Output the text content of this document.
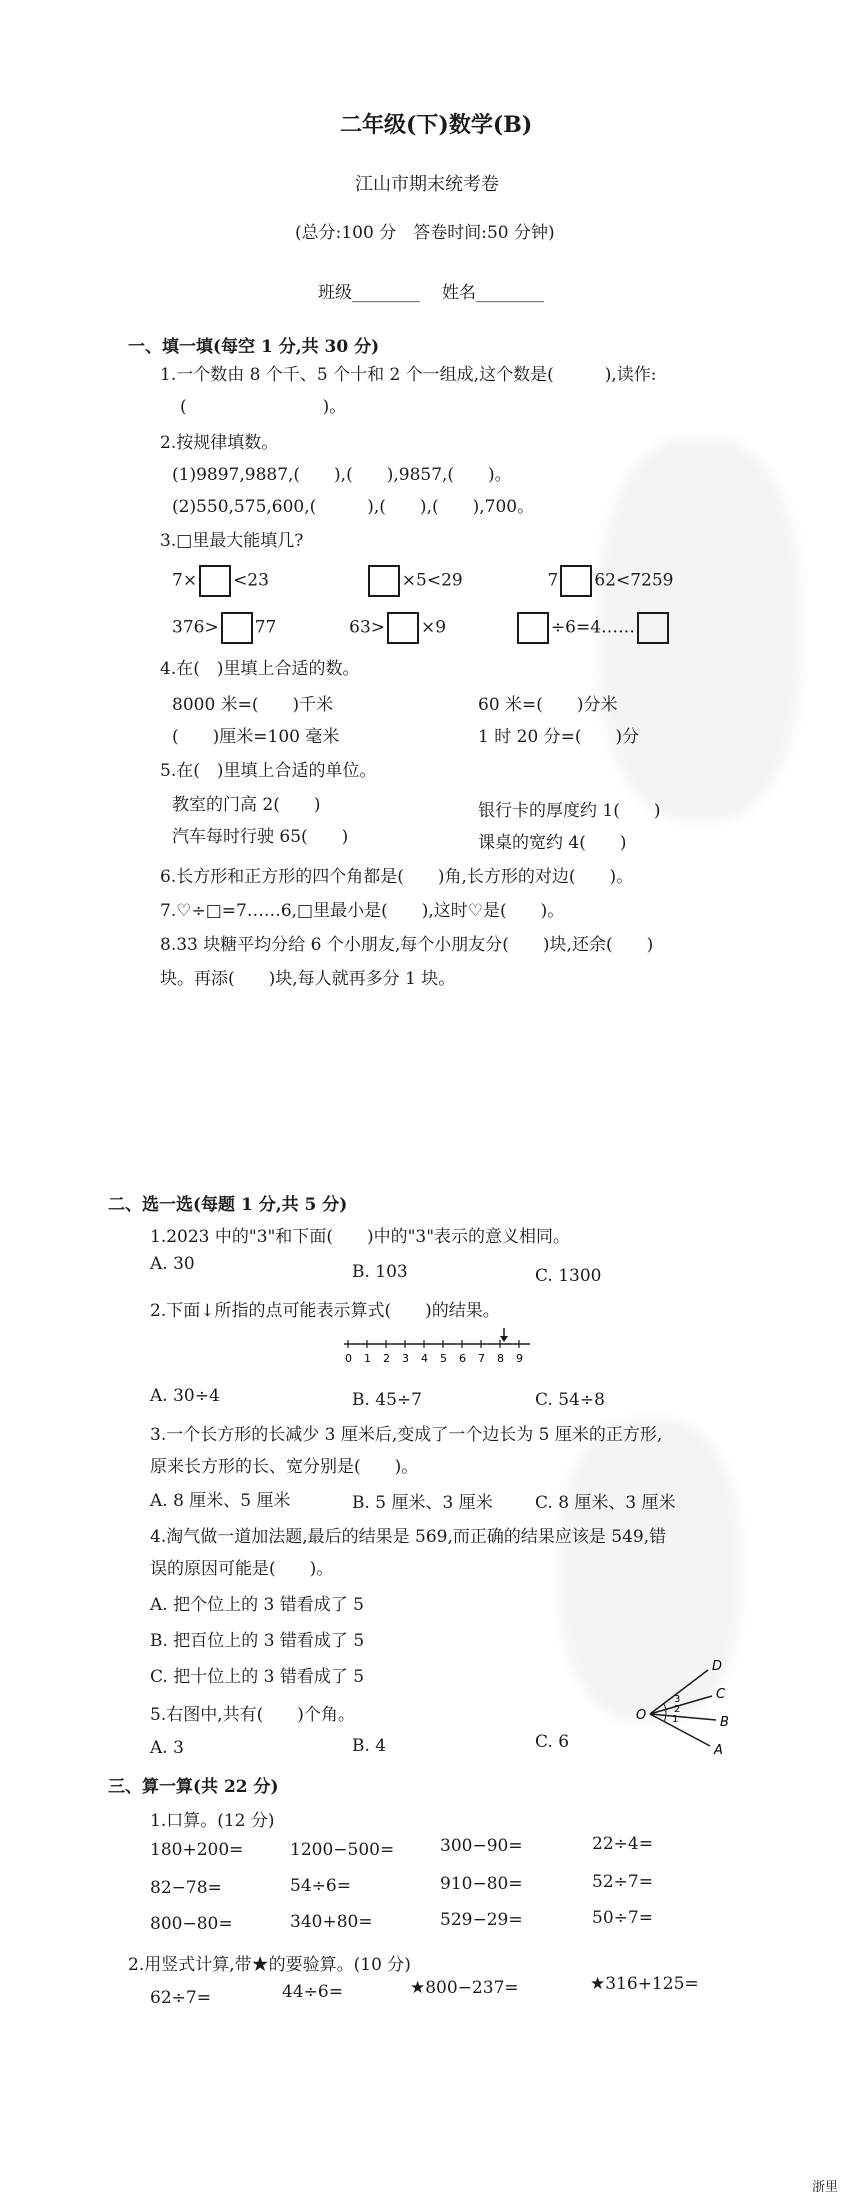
二年级(下)数学(B)
江山市期末统考卷
(总分:100 分　答卷时间:50 分钟)
班级________ 姓名________
一、填一填(每空 1 分,共 30 分)
1.一个数由 8 个千、5 个十和 2 个一组成,这个数是(　　　),读作:
(　　　　　　　　)。
2.按规律填数。
(1)9897,9887,(　　),(　　),9857,(　　)。
(2)550,575,600,(　　　),(　　),(　　),700。
3.□里最大能填几?
7× <23	×5<29	7 62<7259
376> 77	63> ×9	÷6=4……
4.在(　)里填上合适的数。
8000 米=(　　)千米	60 米=(　　)分米
(　　)厘米=100 毫米	1 时 20 分=(　　)分
5.在(　)里填上合适的单位。
教室的门高 2(　　)	银行卡的厚度约 1(　　)
汽车每时行驶 65(　　)	课桌的宽约 4(　　)
6.长方形和正方形的四个角都是(　　)角,长方形的对边(　　)。
7.♡÷□=7……6,□里最小是(　　),这时♡是(　　)。
8.33 块糖平均分给 6 个小朋友,每个小朋友分(　　)块,还余(　　)
块。再添(　　)块,每人就再多分 1 块。
二、选一选(每题 1 分,共 5 分)
1.2023 中的"3"和下面(　　)中的"3"表示的意义相同。
A. 30	B. 103	C. 1300
2.下面↓所指的点可能表示算式(　　)的结果。
0 1 2 3 4 5 6 7 8 9
A. 30÷4	B. 45÷7	C. 54÷8
3.一个长方形的长减少 3 厘米后,变成了一个边长为 5 厘米的正方形,
原来长方形的长、宽分别是(　　)。
A. 8 厘米、5 厘米	B. 5 厘米、3 厘米 C. 8 厘米、3 厘米
4.淘气做一道加法题,最后的结果是 569,而正确的结果应该是 549,错
误的原因可能是(　　)。
A. 把个位上的 3 错看成了 5
B. 把百位上的 3 错看成了 5
C. 把十位上的 3 错看成了 5
5.右图中,共有(　　)个角。
A. 3	B. 4	C. 6
O
A
B
C
D
1
2
3
三、算一算(共 22 分)
1.口算。(12 分)
180+200=	1200−500=	300−90=	22÷4=
82−78=	54÷6=	910−80=	52÷7=
800−80=	340+80=	529−29=	50÷7=
2.用竖式计算,带★的要验算。(10 分)
62÷7=	44÷6=	★800−237=	★316+125=
浙里
